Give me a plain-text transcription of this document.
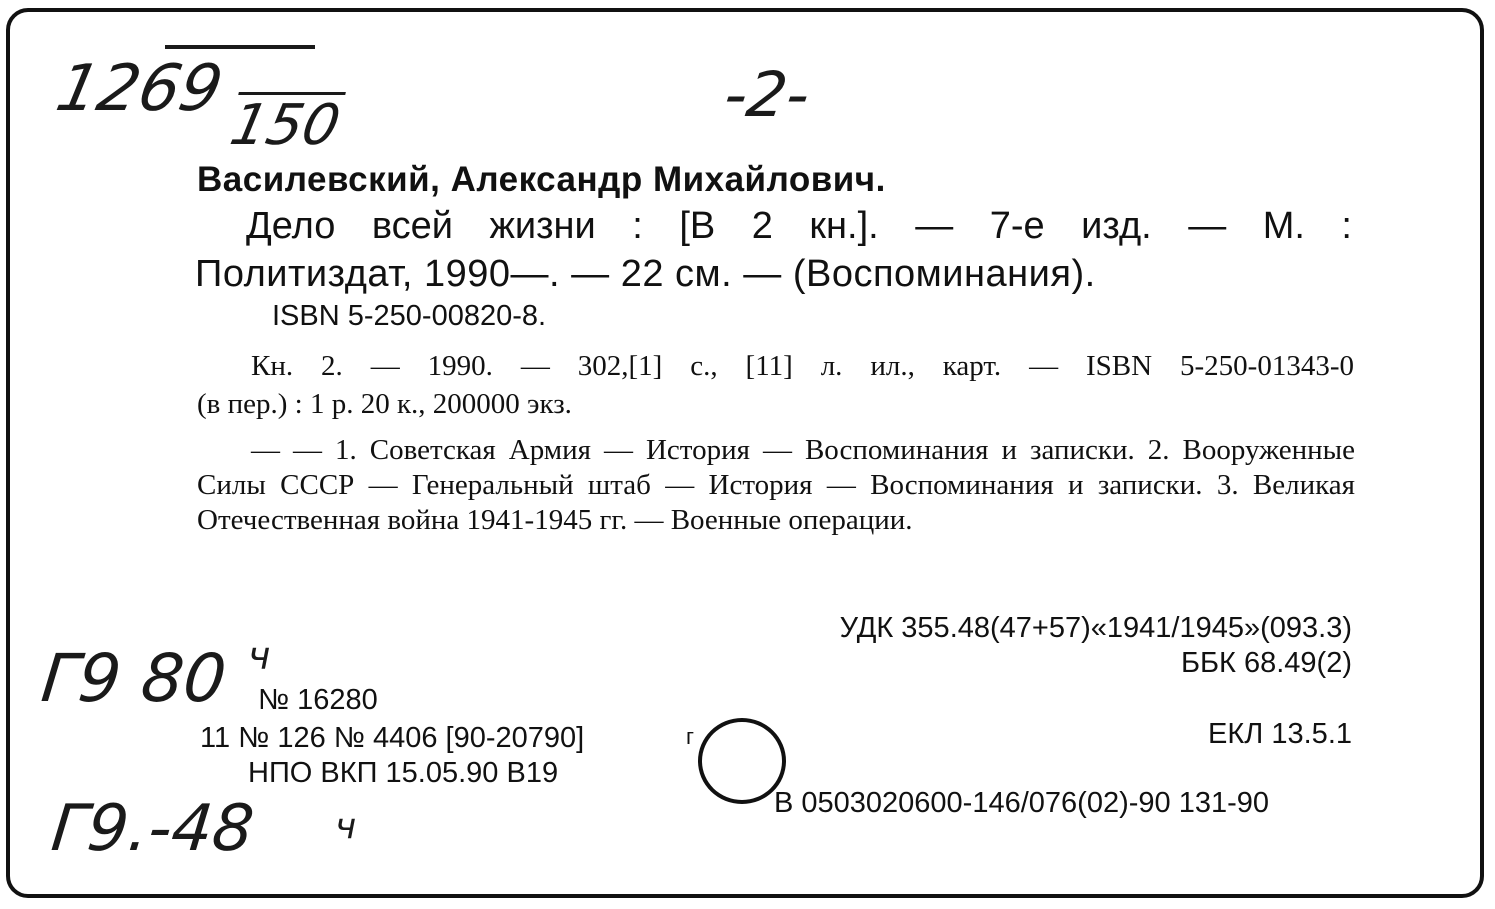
1269
150	-2-
Василевский, Александр Михайлович.
Дело всей жизни : [В 2 кн.]. — 7-е изд. — М. :
Политиздат, 1990—. — 22 см. — (Воспоминания).
ISBN 5-250-00820-8.
Кн. 2. — 1990. — 302,[1] с., [11] л. ил., карт. — ISBN 5-250-01343-0
(в пер.) : 1 р. 20 к., 200000 экз.
— — 1. Советская Армия — История — Воспоминания и записки. 2. Вооруженные Силы СССР — Генеральный штаб — История — Воспоминания и записки. 3. Великая Отечественная война 1941-1945 гг. — Военные операции.
УДК 355.48(47+57)«1941/1945»(093.3)
ББК 68.49(2)
ЕКЛ 13.5.1
Г9 80 ч
№ 16280
11 № 126 № 4406 [90-20790]
НПО ВКП 15.05.90 В19
г
В 0503020600-146/076(02)-90 131-90
Г9.-48 ч
